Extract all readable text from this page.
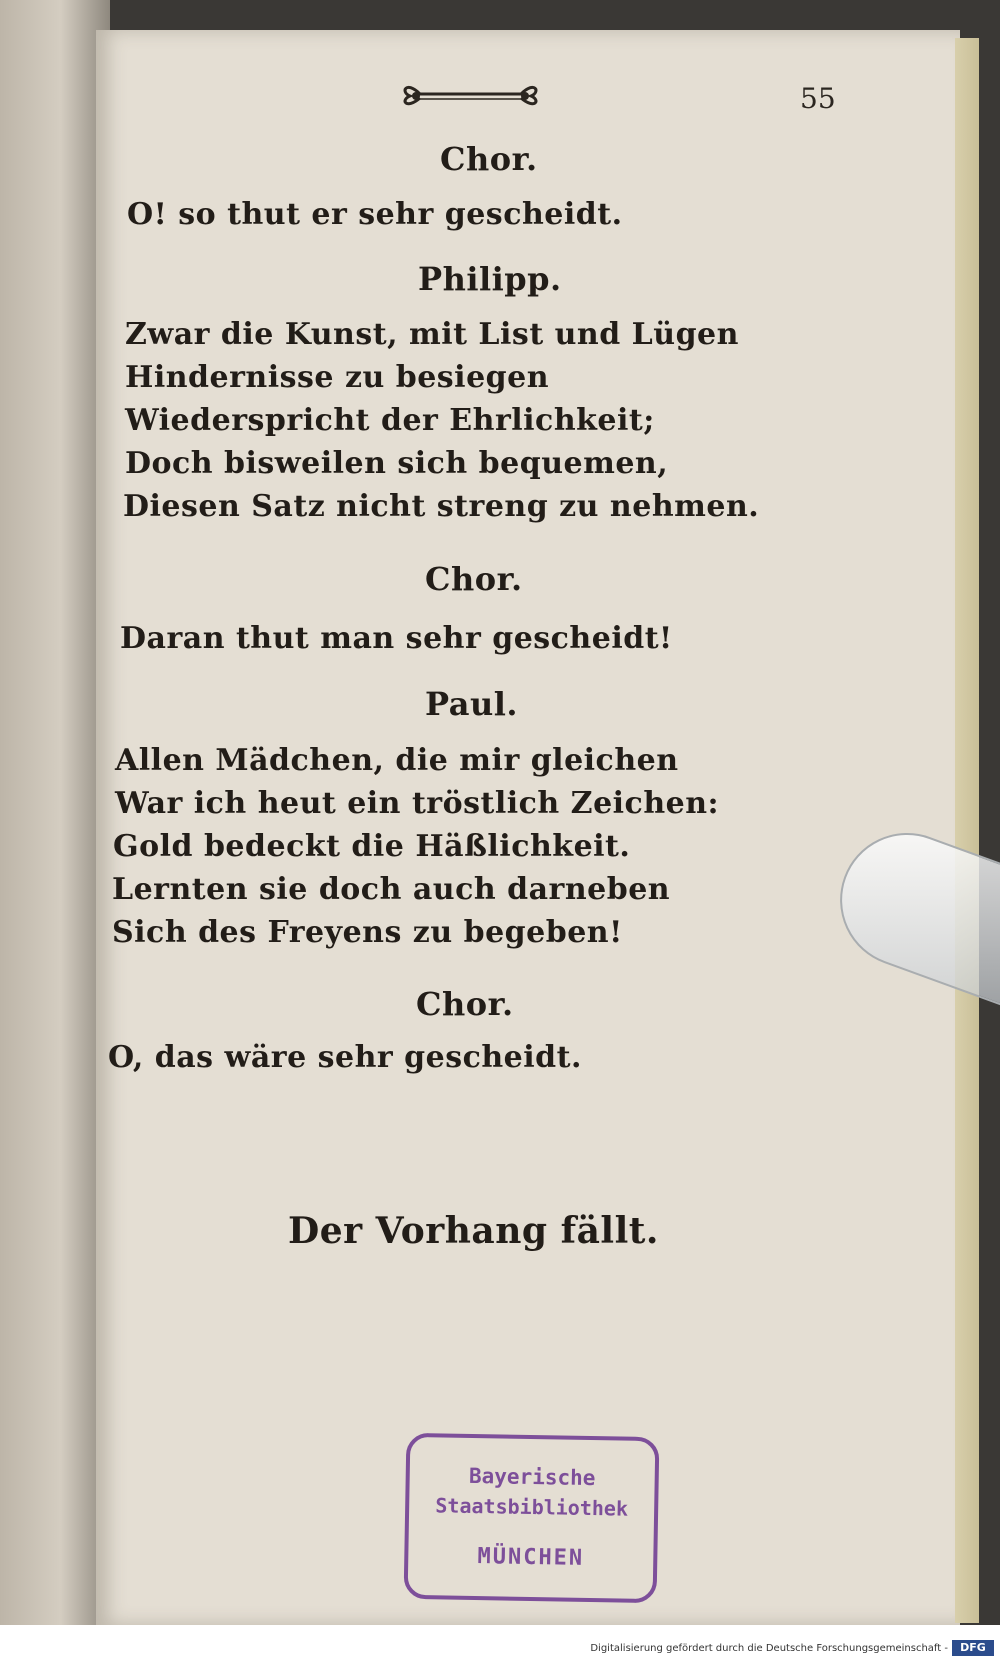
55
Chor.
O! so thut er sehr gescheidt.
Philipp.
Zwar die Kunst, mit List und Lügen
Hindernisse zu besiegen
Wiederspricht der Ehrlichkeit;
Doch bisweilen sich bequemen,
Diesen Satz nicht streng zu nehmen.
Chor.
Daran thut man sehr gescheidt!
Paul.
Allen Mädchen, die mir gleichen
War ich heut ein tröstlich Zeichen:
Gold bedeckt die Häßlichkeit.
Lernten sie doch auch darneben
Sich des Freyens zu begeben!
Chor.
O, das wäre sehr gescheidt.
Der Vorhang fällt.
Bayerische
Staatsbibliothek
MÜNCHEN
Digitalisierung gefördert durch die Deutsche Forschungsgemeinschaft -	DFG
